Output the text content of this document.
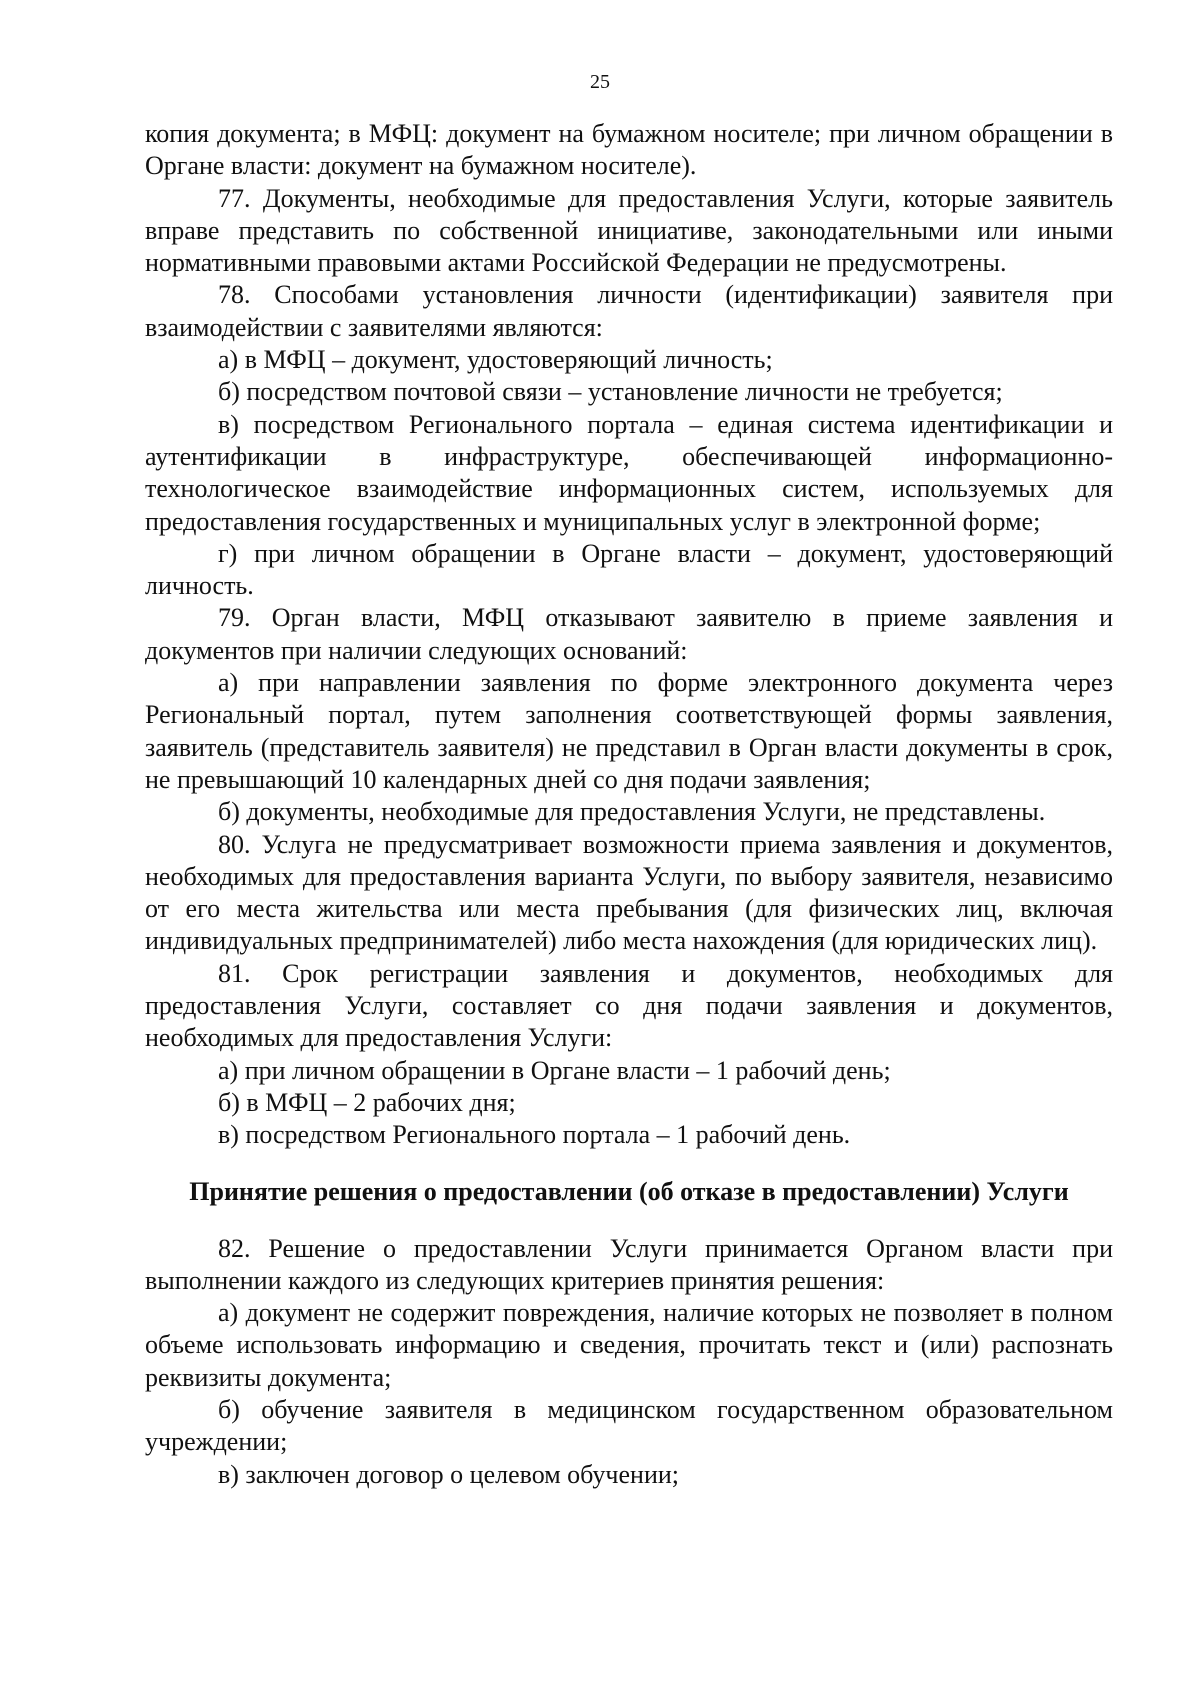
25

копия документа; в МФЦ: документ на бумажном носителе; при личном обращении в Органе власти: документ на бумажном носителе).

77. Документы, необходимые для предоставления Услуги, которые заявитель вправе представить по собственной инициативе, законодательными или иными нормативными правовыми актами Российской Федерации не предусмотрены.

78. Способами установления личности (идентификации) заявителя при взаимодействии с заявителями являются:

а) в МФЦ – документ, удостоверяющий личность;

б) посредством почтовой связи – установление личности не требуется;

в) посредством Регионального портала – единая система идентификации и аутентификации в инфраструктуре, обеспечивающей информационно-технологическое взаимодействие информационных систем, используемых для предоставления государственных и муниципальных услуг в электронной форме;

г) при личном обращении в Органе власти – документ, удостоверяющий личность.

79. Орган власти, МФЦ отказывают заявителю в приеме заявления и документов при наличии следующих оснований:

а) при направлении заявления по форме электронного документа через Региональный портал, путем заполнения соответствующей формы заявления, заявитель (представитель заявителя) не представил в Орган власти документы в срок, не превышающий 10 календарных дней со дня подачи заявления;

б) документы, необходимые для предоставления Услуги, не представлены.

80. Услуга не предусматривает возможности приема заявления и документов, необходимых для предоставления варианта Услуги, по выбору заявителя, независимо от его места жительства или места пребывания (для физических лиц, включая индивидуальных предпринимателей) либо места нахождения (для юридических лиц).

81. Срок регистрации заявления и документов, необходимых для предоставления Услуги, составляет со дня подачи заявления и документов, необходимых для предоставления Услуги:

а) при личном обращении в Органе власти – 1 рабочий день;

б) в МФЦ – 2 рабочих дня;

в) посредством Регионального портала – 1 рабочий день.

Принятие решения о предоставлении (об отказе в предоставлении) Услуги

82. Решение о предоставлении Услуги принимается Органом власти при выполнении каждого из следующих критериев принятия решения:

а) документ не содержит повреждения, наличие которых не позволяет в полном объеме использовать информацию и сведения, прочитать текст и (или) распознать реквизиты документа;

б) обучение заявителя в медицинском государственном образовательном учреждении;

в) заключен договор о целевом обучении;
